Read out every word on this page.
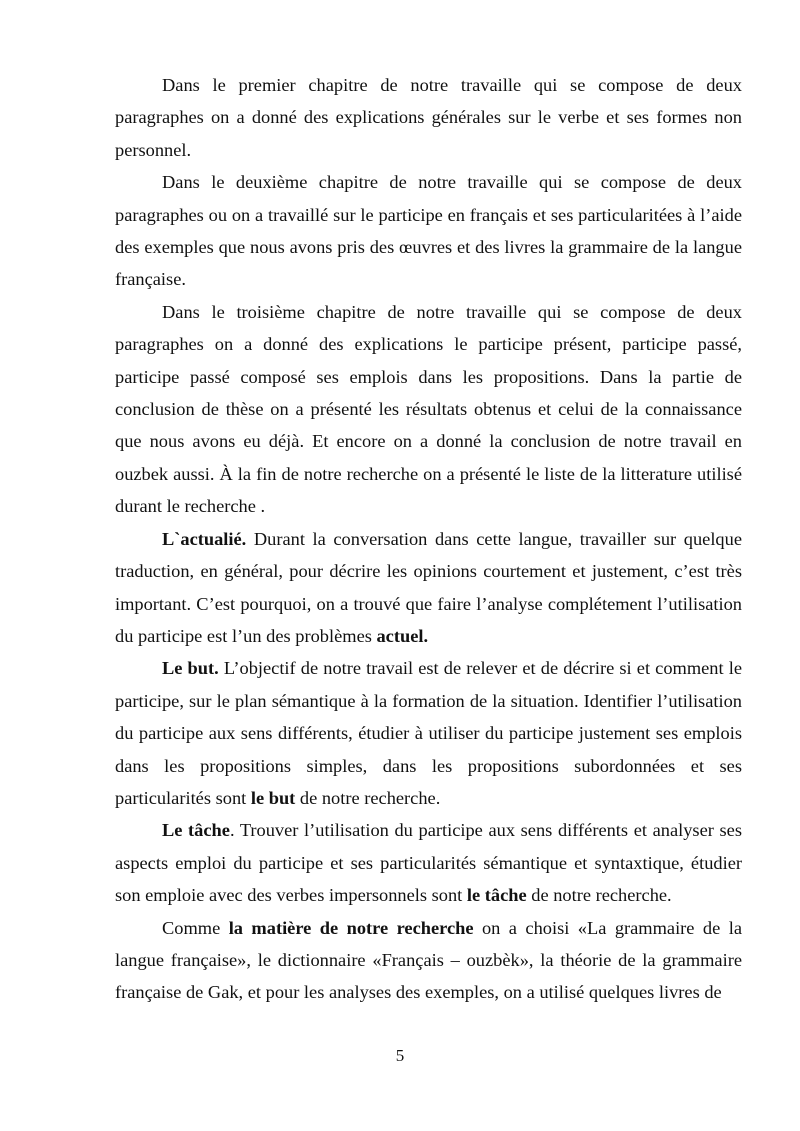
Dans le premier chapitre de notre travaille qui se compose de deux paragraphes on a donné des explications générales sur le verbe et ses formes non personnel.

Dans le deuxième chapitre de notre travaille qui se compose de deux paragraphes ou on a travaillé sur le participe en français et ses particularitées à l’aide des exemples que nous avons pris des œuvres et des livres la grammaire de la langue française.

Dans le troisième chapitre de notre travaille qui se compose de deux paragraphes on a donné des explications le participe présent, participe passé, participe passé composé ses emplois dans les propositions. Dans la partie de conclusion de thèse on a présenté les résultats obtenus et celui de la connaissance que nous avons eu déjà. Et encore on a donné la conclusion de notre travail en ouzbek aussi. À la fin de notre recherche on a présenté le liste de la litterature utilisé durant le recherche .

L`actualié. Durant la conversation dans cette langue, travailler sur quelque traduction, en général, pour décrire les opinions courtement et justement, c’est très important. C’est pourquoi, on a trouvé que faire l’analyse complétement l’utilisation du participe est l’un des problèmes actuel.

Le but. L’objectif de notre travail est de relever et de décrire si et comment le participe, sur le plan sémantique à la formation de la situation. Identifier l’utilisation du participe aux sens différents, étudier à utiliser du participe justement ses emplois dans les propositions simples, dans les propositions subordonnées et ses particularités sont le but de notre recherche.

Le tâche. Trouver l’utilisation du participe aux sens différents et analyser ses aspects emploi du participe et ses particularités sémantique et syntaxtique, étudier son emploie avec des verbes impersonnels sont le tâche de notre recherche.

Comme la matière de notre recherche on a choisi «La grammaire de la langue française», le dictionnaire «Français – ouzbèk», la théorie de la grammaire française de Gak, et pour les analyses des exemples, on a utilisé quelques livres de

5
